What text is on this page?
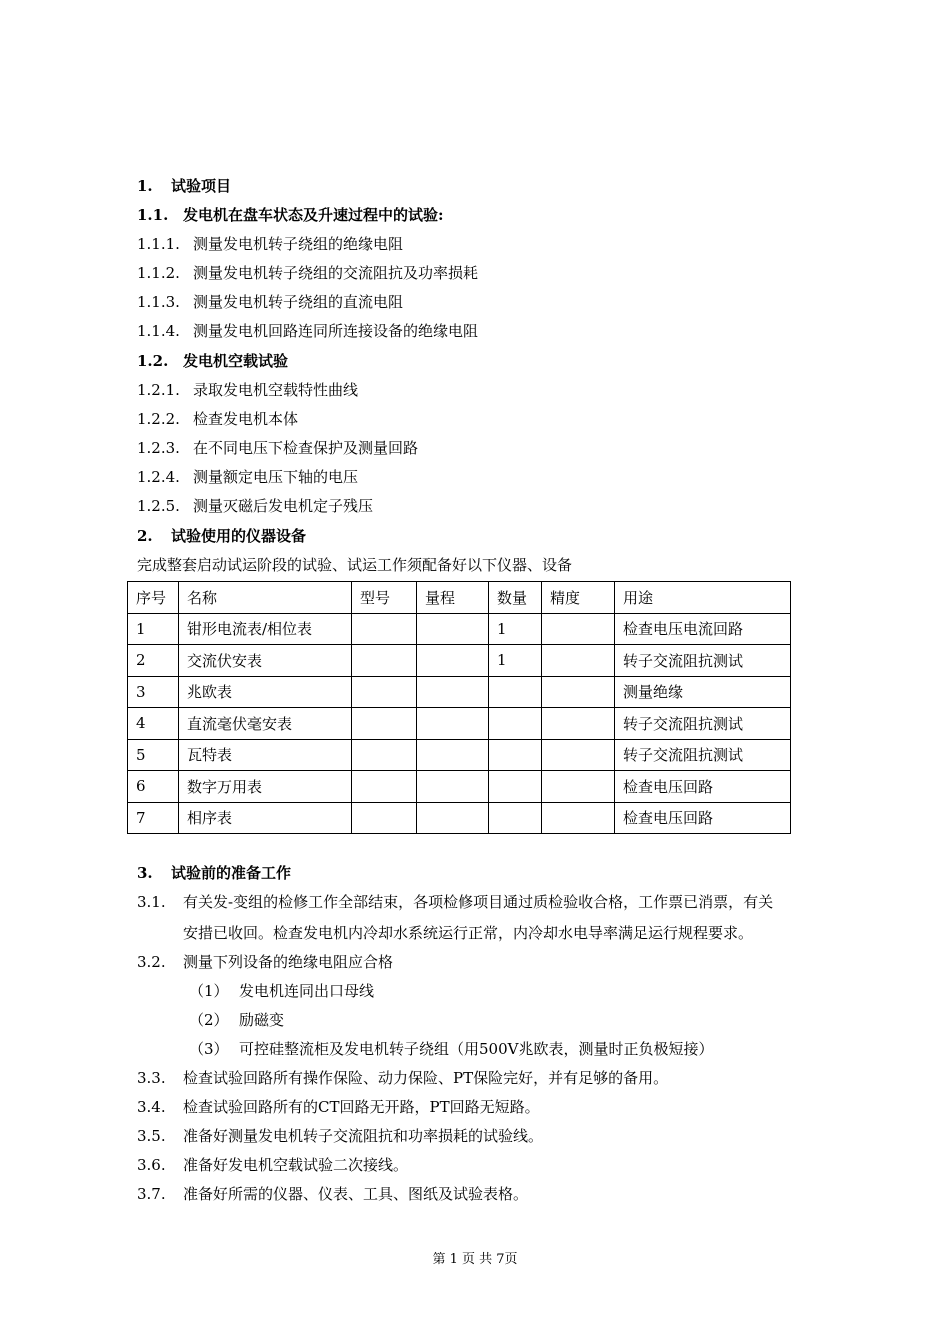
1. 试验项目
1.1. 发电机在盘车状态及升速过程中的试验:
1.1.1. 测量发电机转子绕组的绝缘电阻
1.1.2. 测量发电机转子绕组的交流阻抗及功率损耗
1.1.3. 测量发电机转子绕组的直流电阻
1.1.4. 测量发电机回路连同所连接设备的绝缘电阻
1.2. 发电机空载试验
1.2.1. 录取发电机空载特性曲线
1.2.2. 检查发电机本体
1.2.3. 在不同电压下检查保护及测量回路
1.2.4. 测量额定电压下轴的电压
1.2.5. 测量灭磁后发电机定子残压
2. 试验使用的仪器设备
完成整套启动试运阶段的试验、试运工作须配备好以下仪器、设备
序号	名称	型号	量程	数量	精度	用途
1	钳形电流表/相位表			1		检查电压电流回路
2	交流伏安表			1		转子交流阻抗测试
3	兆欧表					测量绝缘
4	直流毫伏毫安表					转子交流阻抗测试
5	瓦特表					转子交流阻抗测试
6	数字万用表					检查电压回路
7	相序表					检查电压回路
3. 试验前的准备工作
3.1. 有关发-变组的检修工作全部结束，各项检修项目通过质检验收合格，工作票已消票，有关
安措已收回。检查发电机内冷却水系统运行正常，内冷却水电导率满足运行规程要求。
3.2. 测量下列设备的绝缘电阻应合格
（1） 发电机连同出口母线
（2） 励磁变
（3） 可控硅整流柜及发电机转子绕组（用500V兆欧表，测量时正负极短接）
3.3. 检查试验回路所有操作保险、动力保险、PT保险完好，并有足够的备用。
3.4. 检查试验回路所有的CT回路无开路，PT回路无短路。
3.5. 准备好测量发电机转子交流阻抗和功率损耗的试验线。
3.6. 准备好发电机空载试验二次接线。
3.7. 准备好所需的仪器、仪表、工具、图纸及试验表格。
第 1 页 共 7页
